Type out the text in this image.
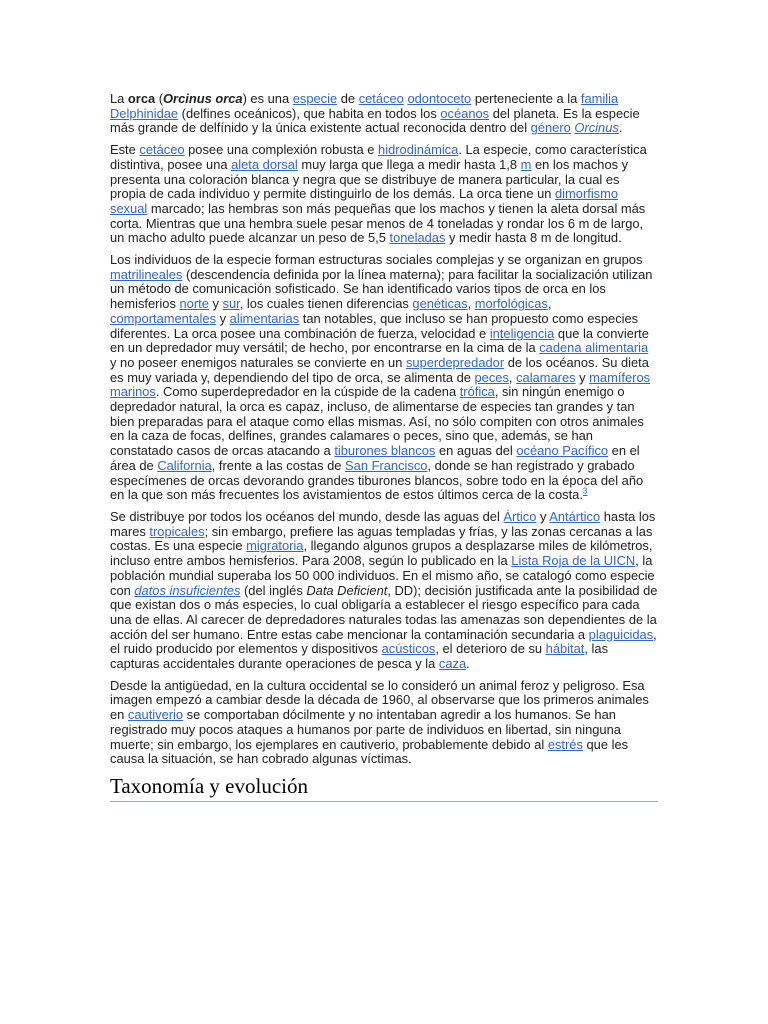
La orca (Orcinus orca) es una especie de cetáceo odontoceto perteneciente a la familia Delphinidae (delfines oceánicos), que habita en todos los océanos del planeta. Es la especie más grande de delfínido y la única existente actual reconocida dentro del género Orcinus.

Este cetáceo posee una complexión robusta e hidrodinámica. La especie, como característica distintiva, posee una aleta dorsal muy larga que llega a medir hasta 1,8 m en los machos y presenta una coloración blanca y negra que se distribuye de manera particular, la cual es propia de cada individuo y permite distinguirlo de los demás. La orca tiene un dimorfismo sexual marcado; las hembras son más pequeñas que los machos y tienen la aleta dorsal más corta. Mientras que una hembra suele pesar menos de 4 toneladas y rondar los 6 m de largo, un macho adulto puede alcanzar un peso de 5,5 toneladas y medir hasta 8 m de longitud.

Los individuos de la especie forman estructuras sociales complejas y se organizan en grupos matrilineales (descendencia definida por la línea materna); para facilitar la socialización utilizan un método de comunicación sofisticado. Se han identificado varios tipos de orca en los hemisferios norte y sur, los cuales tienen diferencias genéticas, morfológicas, comportamentales y alimentarias tan notables, que incluso se han propuesto como especies diferentes. La orca posee una combinación de fuerza, velocidad e inteligencia que la convierte en un depredador muy versátil; de hecho, por encontrarse en la cima de la cadena alimentaria y no poseer enemigos naturales se convierte en un superdepredador de los océanos. Su dieta es muy variada y, dependiendo del tipo de orca, se alimenta de peces, calamares y mamíferos marinos. Como superdepredador en la cúspide de la cadena trófica, sin ningún enemigo o depredador natural, la orca es capaz, incluso, de alimentarse de especies tan grandes y tan bien preparadas para el ataque como ellas mismas. Así, no sólo compiten con otros animales en la caza de focas, delfines, grandes calamares o peces, sino que, además, se han constatado casos de orcas atacando a tiburones blancos en aguas del océano Pacífico en el área de California, frente a las costas de San Francisco, donde se han registrado y grabado especímenes de orcas devorando grandes tiburones blancos, sobre todo en la época del año en la que son más frecuentes los avistamientos de estos últimos cerca de la costa.$^3$

Se distribuye por todos los océanos del mundo, desde las aguas del Ártico y Antártico hasta los mares tropicales; sin embargo, prefiere las aguas templadas y frías, y las zonas cercanas a las costas. Es una especie migratoria, llegando algunos grupos a desplazarse miles de kilómetros, incluso entre ambos hemisferios. Para 2008, según lo publicado en la Lista Roja de la UICN, la población mundial superaba los 50 000 individuos. En el mismo año, se catalogó como especie con datos insuficientes (del inglés Data Deficient, DD); decisión justificada ante la posibilidad de que existan dos o más especies, lo cual obligaría a establecer el riesgo específico para cada una de ellas. Al carecer de depredadores naturales todas las amenazas son dependientes de la acción del ser humano. Entre estas cabe mencionar la contaminación secundaria a plaguicidas, el ruido producido por elementos y dispositivos acústicos, el deterioro de su hábitat, las capturas accidentales durante operaciones de pesca y la caza.

Desde la antigüedad, en la cultura occidental se lo consideró un animal feroz y peligroso. Esa imagen empezó a cambiar desde la década de 1960, al observarse que los primeros animales en cautiverio se comportaban dócilmente y no intentaban agredir a los humanos. Se han registrado muy pocos ataques a humanos por parte de individuos en libertad, sin ninguna muerte; sin embargo, los ejemplares en cautiverio, probablemente debido al estrés que les causa la situación, se han cobrado algunas víctimas.

Taxonomía y evolución
